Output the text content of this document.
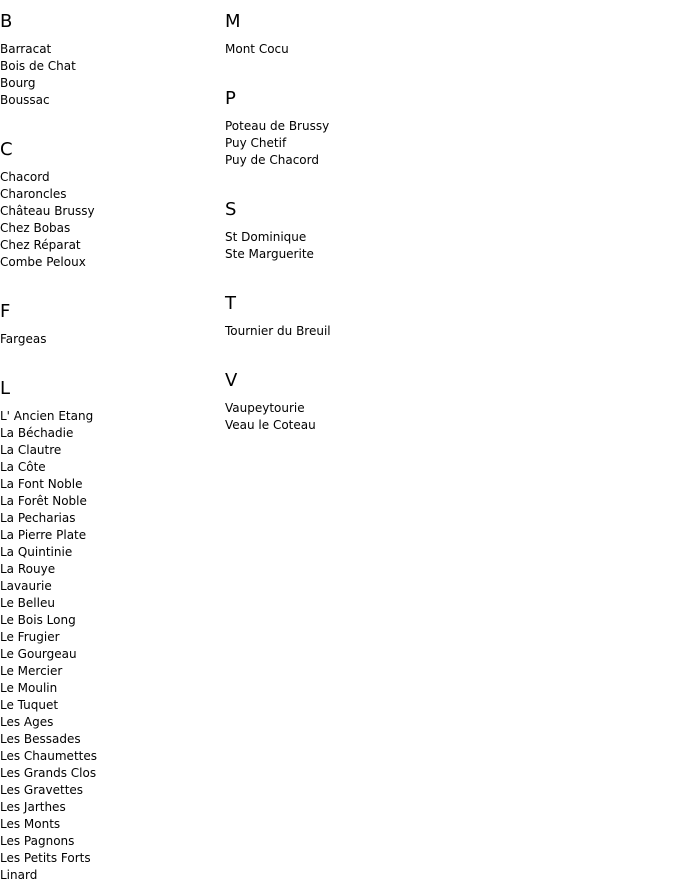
B
Barracat
Bois de Chat
Bourg
Boussac
C
Chacord
Charoncles
Château Brussy
Chez Bobas
Chez Réparat
Combe Peloux
F
Fargeas
L
L' Ancien Etang
La Béchadie
La Clautre
La Côte
La Font Noble
La Forêt Noble
La Pecharias
La Pierre Plate
La Quintinie
La Rouye
Lavaurie
Le Belleu
Le Bois Long
Le Frugier
Le Gourgeau
Le Mercier
Le Moulin
Le Tuquet
Les Ages
Les Bessades
Les Chaumettes
Les Grands Clos
Les Gravettes
Les Jarthes
Les Monts
Les Pagnons
Les Petits Forts
Linard
M
Mont Cocu
P
Poteau de Brussy
Puy Chetif
Puy de Chacord
S
St Dominique
Ste Marguerite
T
Tournier du Breuil
V
Vaupeytourie
Veau le Coteau
